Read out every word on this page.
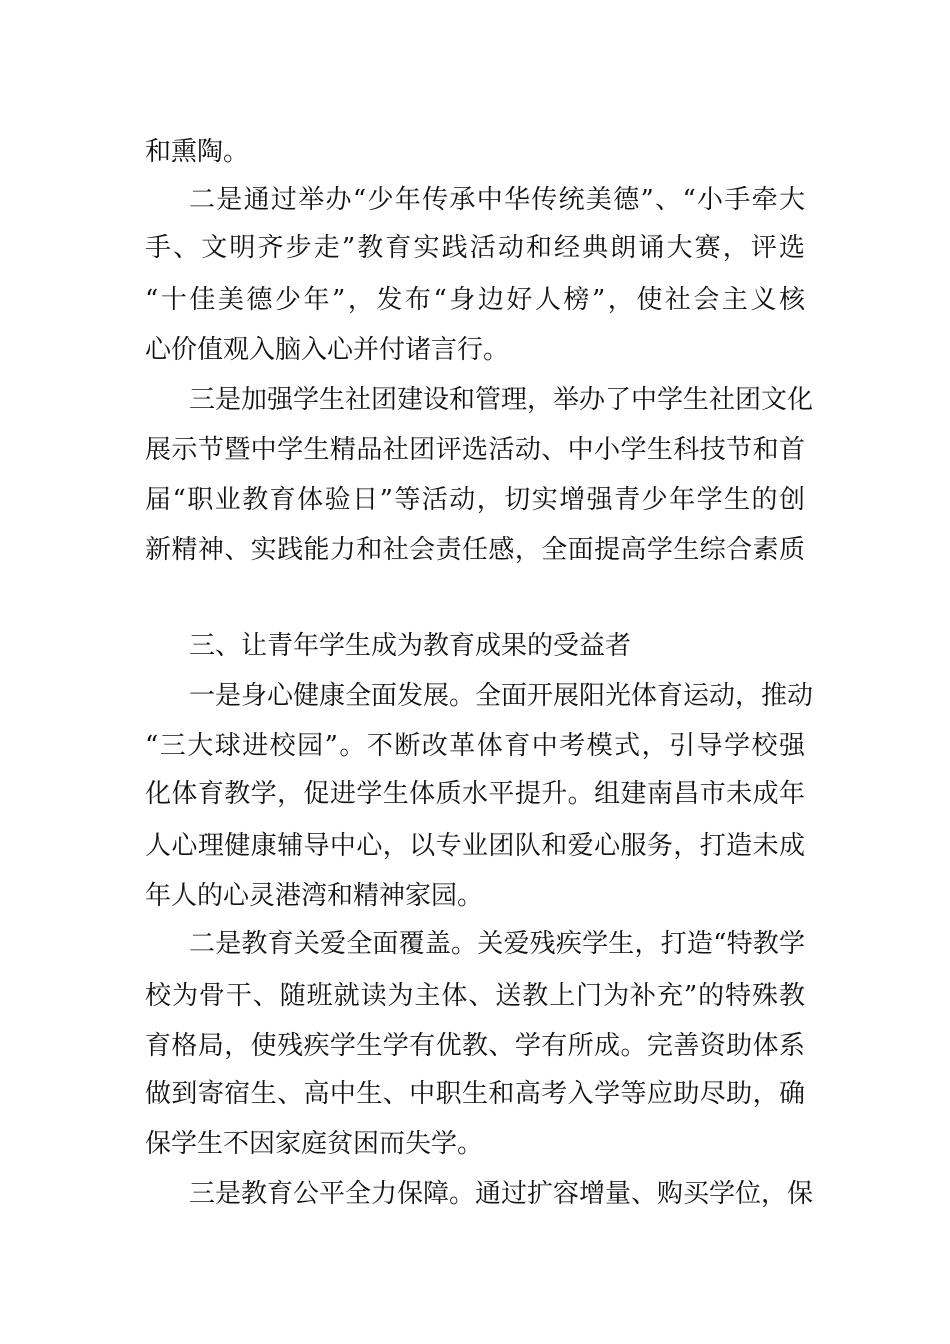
和熏陶。
二是通过举办“少年传承中华传统美德”、“小手牵大
手、文明齐步走”教育实践活动和经典朗诵大赛，评选
“十佳美德少年”，发布“身边好人榜”，使社会主义核
心价值观入脑入心并付诸言行。
三是加强学生社团建设和管理，举办了中学生社团文化
展示节暨中学生精品社团评选活动、中小学生科技节和首
届“职业教育体验日”等活动，切实增强青少年学生的创
新精神、实践能力和社会责任感，全面提高学生综合素质
三、让青年学生成为教育成果的受益者
一是身心健康全面发展。全面开展阳光体育运动，推动
“三大球进校园”。不断改革体育中考模式，引导学校强
化体育教学，促进学生体质水平提升。组建南昌市未成年
人心理健康辅导中心，以专业团队和爱心服务，打造未成
年人的心灵港湾和精神家园。
二是教育关爱全面覆盖。关爱残疾学生，打造“特教学
校为骨干、随班就读为主体、送教上门为补充”的特殊教
育格局，使残疾学生学有优教、学有所成。完善资助体系
做到寄宿生、高中生、中职生和高考入学等应助尽助，确
保学生不因家庭贫困而失学。
三是教育公平全力保障。通过扩容增量、购买学位，保
